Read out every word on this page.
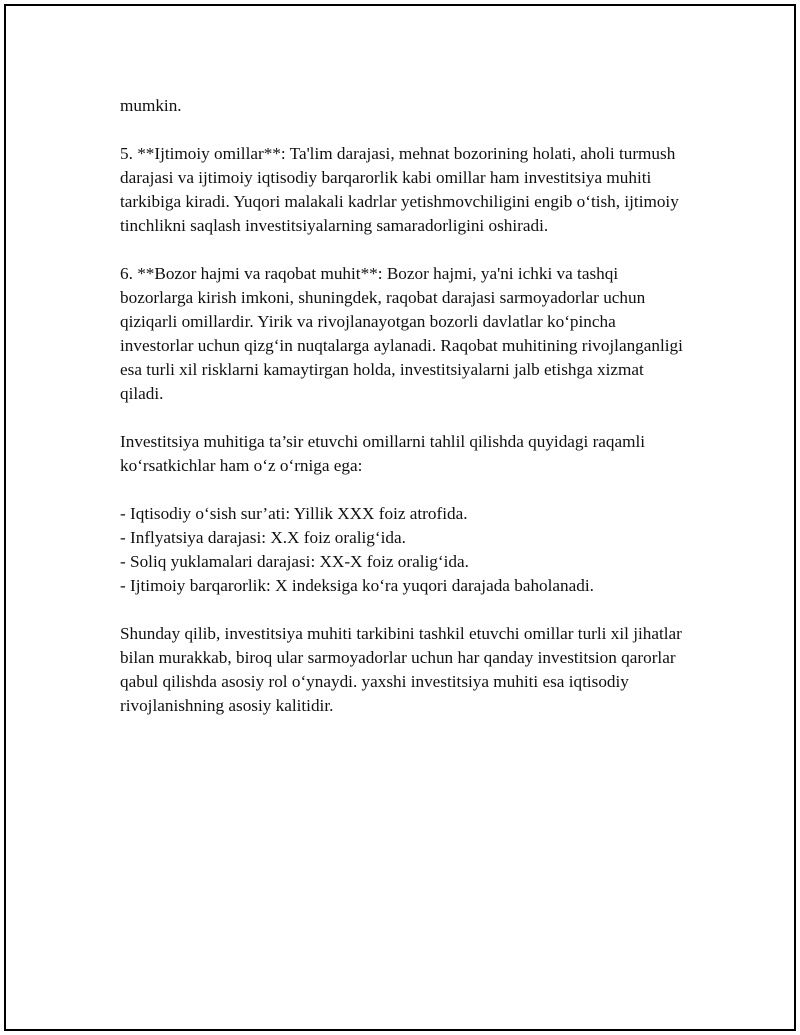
mumkin.

5. **Ijtimoiy omillar**: Ta'lim darajasi, mehnat bozorining holati, aholi turmush darajasi va ijtimoiy iqtisodiy barqarorlik kabi omillar ham investitsiya muhiti tarkibiga kiradi. Yuqori malakali kadrlar yetishmovchiligini engib o‘tish, ijtimoiy tinchlikni saqlash investitsiyalarning samaradorligini oshiradi.

6. **Bozor hajmi va raqobat muhit**: Bozor hajmi, ya'ni ichki va tashqi bozorlarga kirish imkoni, shuningdek, raqobat darajasi sarmoyadorlar uchun qiziqarli omillardir. Yirik va rivojlanayotgan bozorli davlatlar ko‘pincha investorlar uchun qizg‘in nuqtalarga aylanadi. Raqobat muhitining rivojlanganligi esa turli xil risklarni kamaytirgan holda, investitsiyalarni jalb etishga xizmat qiladi.

Investitsiya muhitiga ta’sir etuvchi omillarni tahlil qilishda quyidagi raqamli ko‘rsatkichlar ham o‘z o‘rniga ega:

- Iqtisodiy o‘sish sur’ati: Yillik XXX foiz atrofida.
- Inflyatsiya darajasi: X.X foiz oralig‘ida.
- Soliq yuklamalari darajasi: XX-X foiz oralig‘ida.
- Ijtimoiy barqarorlik: X indeksiga ko‘ra yuqori darajada baholanadi.

Shunday qilib, investitsiya muhiti tarkibini tashkil etuvchi omillar turli xil jihatlar bilan murakkab, biroq ular sarmoyadorlar uchun har qanday investitsion qarorlar qabul qilishda asosiy rol o‘ynaydi. yaxshi investitsiya muhiti esa iqtisodiy rivojlanishning asosiy kalitidir.
